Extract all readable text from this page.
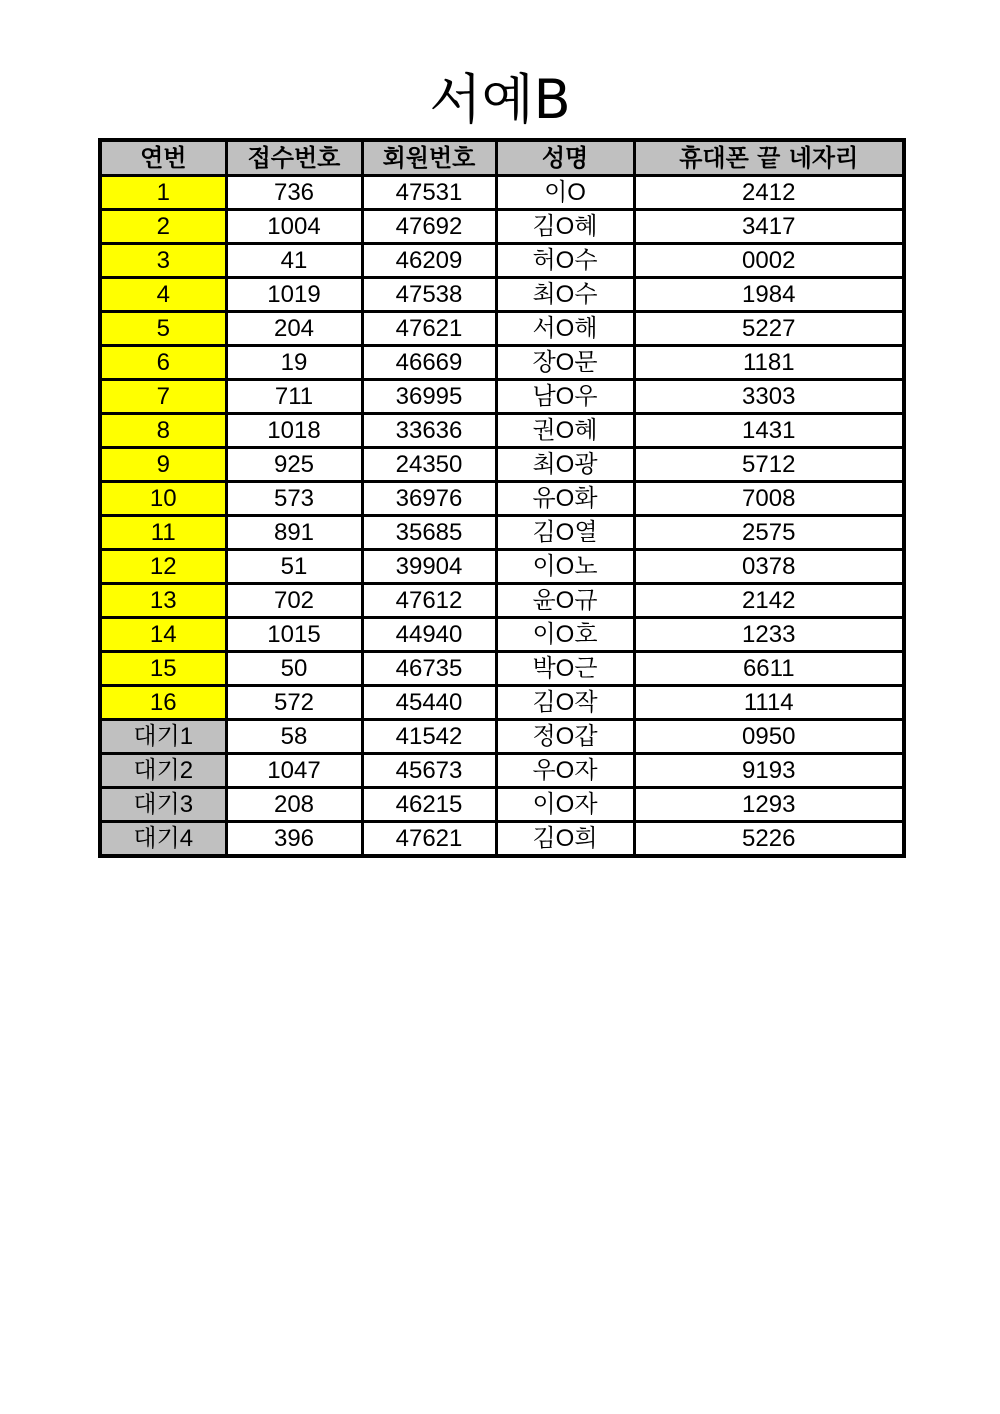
서예B
연번	접수번호	회원번호	성명	휴대폰 끝 네자리
1	736	47531	이O	2412
2	1004	47692	김O혜	3417
3	41	46209	허O수	0002
4	1019	47538	최O수	1984
5	204	47621	서O해	5227
6	19	46669	장O문	1181
7	711	36995	남O우	3303
8	1018	33636	권O혜	1431
9	925	24350	최O광	5712
10	573	36976	유O화	7008
11	891	35685	김O열	2575
12	51	39904	이O노	0378
13	702	47612	윤O규	2142
14	1015	44940	이O호	1233
15	50	46735	박O근	6611
16	572	45440	김O작	1114
대기1	58	41542	정O갑	0950
대기2	1047	45673	우O자	9193
대기3	208	46215	이O자	1293
대기4	396	47621	김O희	5226
